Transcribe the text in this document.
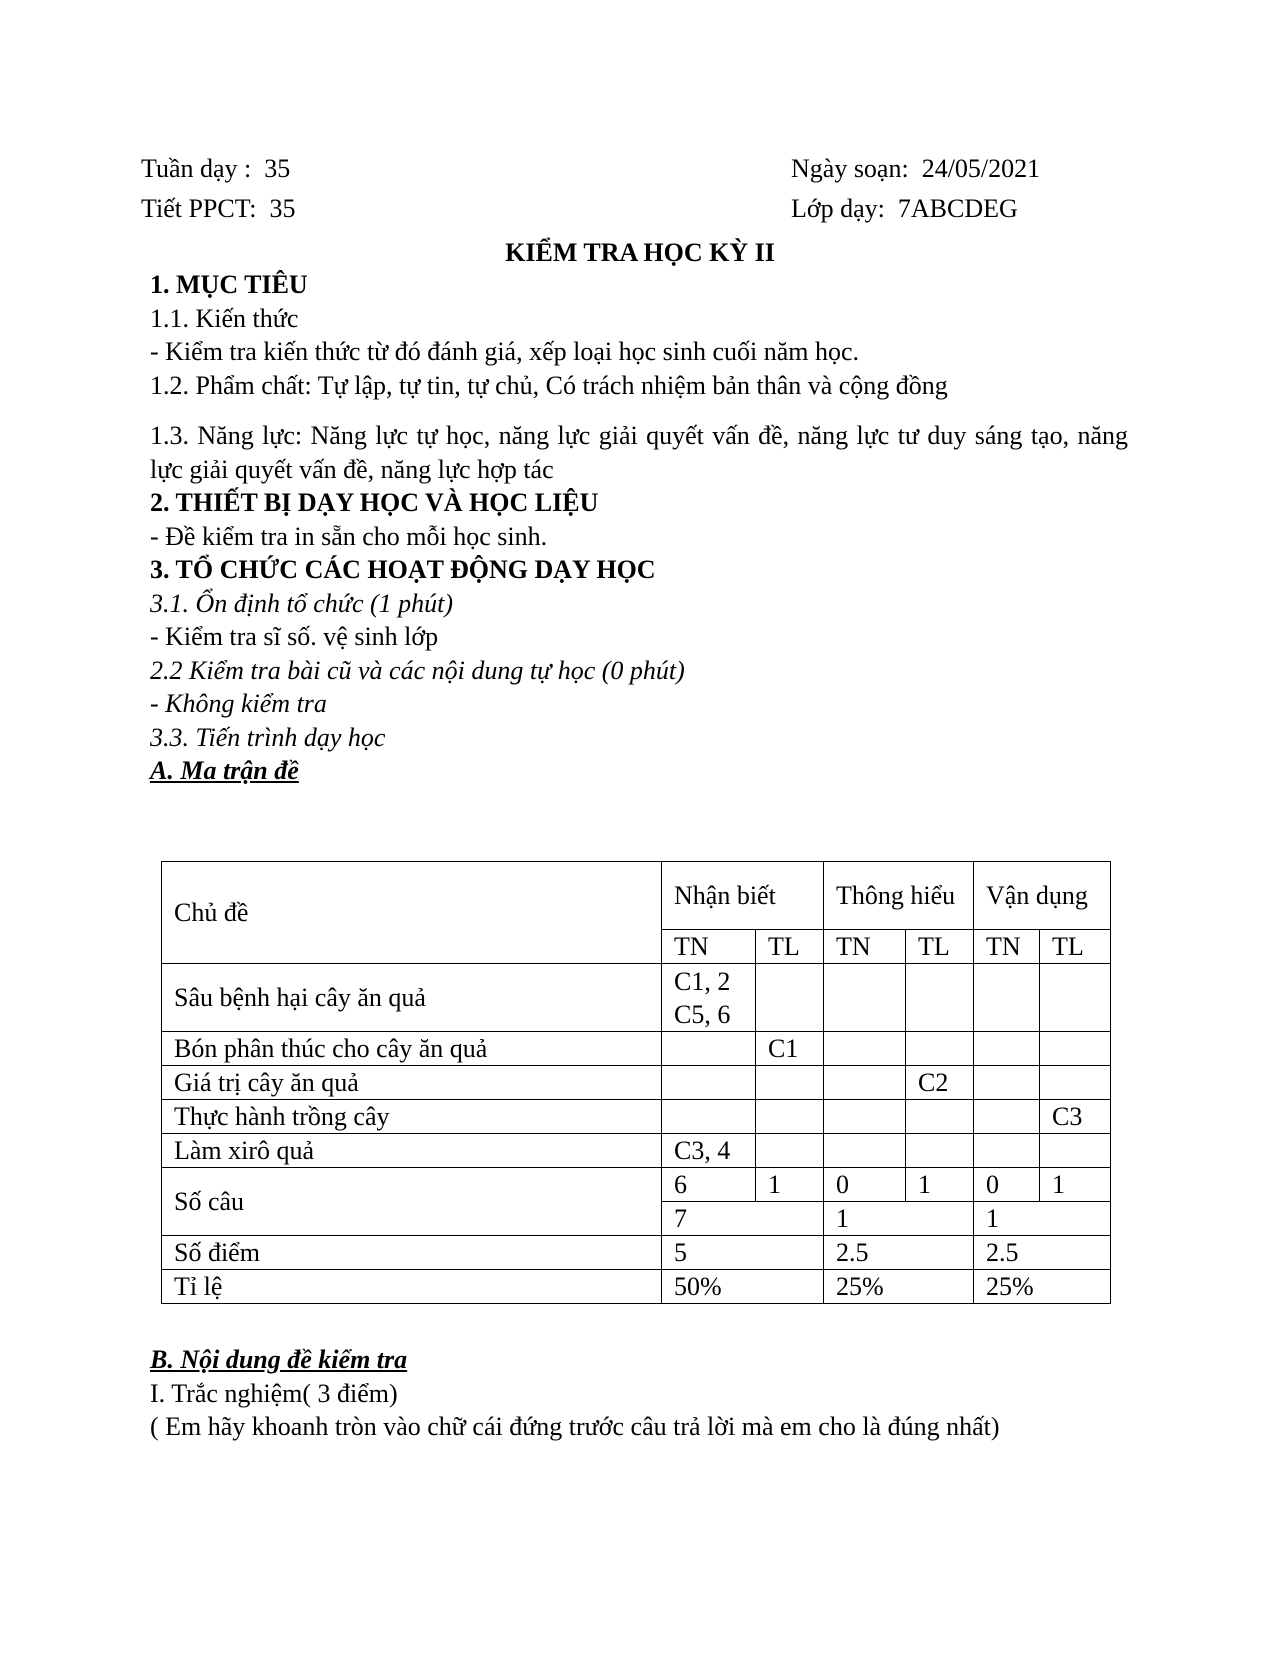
Tuần dạy : 35
Tiết PPCT: 35
Ngày soạn: 24/05/2021
Lớp dạy: 7ABCDEG
KIỂM TRA HỌC KỲ II

1. MỤC TIÊU

1.1. Kiến thức

- Kiểm tra kiến thức từ đó đánh giá, xếp loại học sinh cuối năm học.

1.2. Phẩm chất: Tự lập, tự tin, tự chủ, Có trách nhiệm bản thân và cộng đồng

1.3. Năng lực: Năng lực tự học, năng lực giải quyết vấn đề, năng lực tư duy sáng tạo, năng lực giải quyết vấn đề, năng lực hợp tác

2. THIẾT BỊ DẠY HỌC VÀ HỌC LIỆU

- Đề kiểm tra in sẵn cho mỗi học sinh.

3. TỔ CHỨC CÁC HOẠT ĐỘNG DẠY HỌC

3.1. Ổn định tổ chức (1 phút)

- Kiểm tra sĩ số. vệ sinh lớp

2.2 Kiểm tra bài cũ và các nội dung tự học (0 phút)

- Không kiểm tra

3.3. Tiến trình dạy học

A. Ma trận đề

Chủ đề	Nhận biết		Thông hiểu		Vận dụng	
	TN	TL	TN	TL	TN	TL
Sâu bệnh hại cây ăn quả	C1, 2 C5, 6					
Bón phân thúc cho cây ăn quả		C1				
Giá trị cây ăn quả				C2		
Thực hành trồng cây						C3
Làm xirô quả	C3, 4					
Số câu	6	1	0	1	0	1
	7		1		1	
Số điểm	5		2.5		2.5	
Tỉ lệ	50%		25%		25%	

B. Nội dung đề kiểm tra

I. Trắc nghiệm( 3 điểm)

( Em hãy khoanh tròn vào chữ cái đứng trước câu trả lời mà em cho là đúng nhất)
